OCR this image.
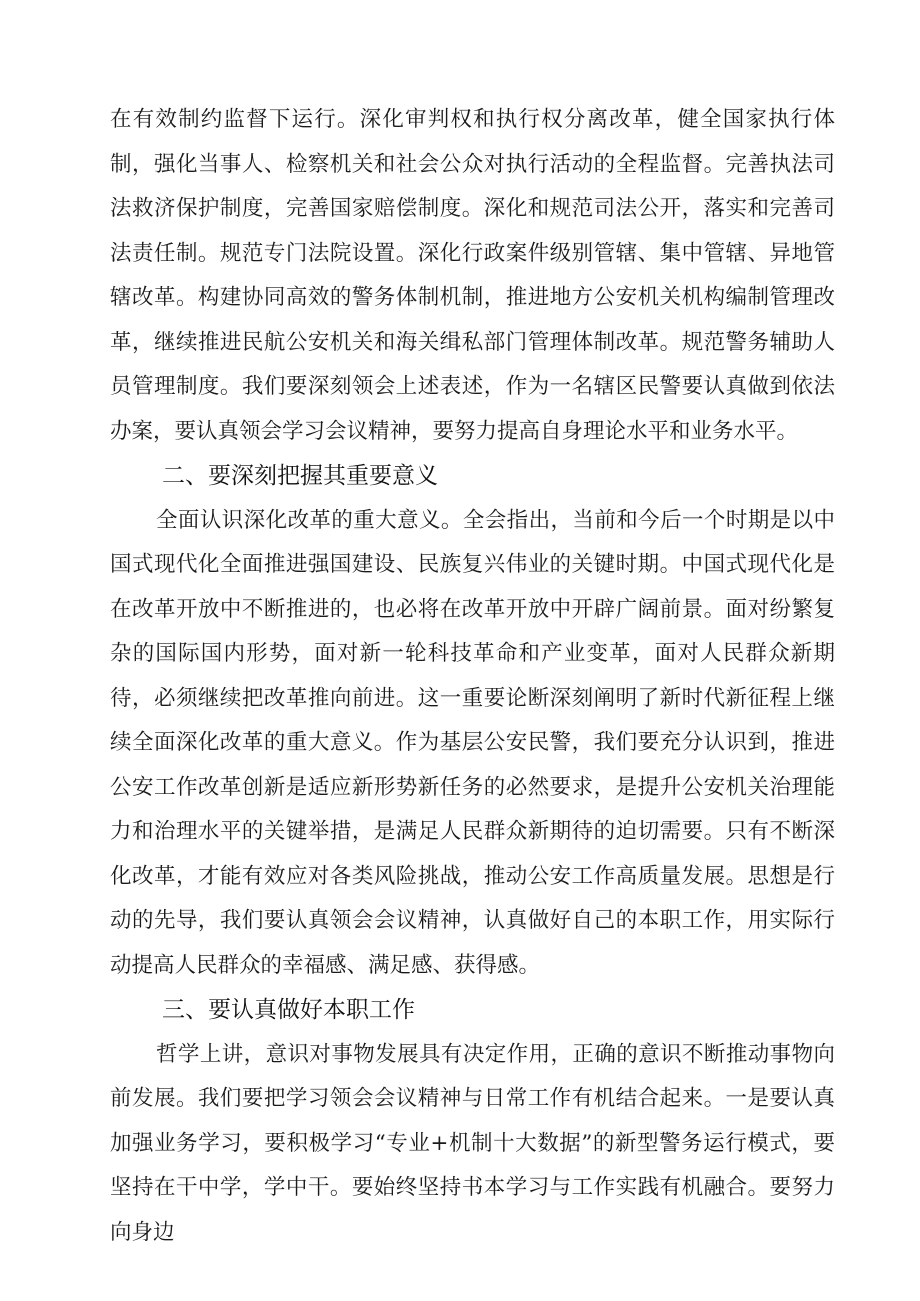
在有效制约监督下运行。深化审判权和执行权分离改革，健全国家执行体制，强化当事人、检察机关和社会公众对执行活动的全程监督。完善执法司法救济保护制度，完善国家赔偿制度。深化和规范司法公开，落实和完善司法责任制。规范专门法院设置。深化行政案件级别管辖、集中管辖、异地管辖改革。构建协同高效的警务体制机制，推进地方公安机关机构编制管理改革，继续推进民航公安机关和海关缉私部门管理体制改革。规范警务辅助人员管理制度。我们要深刻领会上述表述，作为一名辖区民警要认真做到依法办案，要认真领会学习会议精神，要努力提高自身理论水平和业务水平。

二、要深刻把握其重要意义

全面认识深化改革的重大意义。全会指出，当前和今后一个时期是以中国式现代化全面推进强国建设、民族复兴伟业的关键时期。中国式现代化是在改革开放中不断推进的，也必将在改革开放中开辟广阔前景。面对纷繁复杂的国际国内形势，面对新一轮科技革命和产业变革，面对人民群众新期待，必须继续把改革推向前进。这一重要论断深刻阐明了新时代新征程上继续全面深化改革的重大意义。作为基层公安民警，我们要充分认识到，推进公安工作改革创新是适应新形势新任务的必然要求，是提升公安机关治理能力和治理水平的关键举措，是满足人民群众新期待的迫切需要。只有不断深化改革，才能有效应对各类风险挑战，推动公安工作高质量发展。思想是行动的先导，我们要认真领会会议精神，认真做好自己的本职工作，用实际行动提高人民群众的幸福感、满足感、获得感。

三、要认真做好本职工作

哲学上讲，意识对事物发展具有决定作用，正确的意识不断推动事物向前发展。我们要把学习领会会议精神与日常工作有机结合起来。一是要认真加强业务学习，要积极学习“专业+机制十大数据”的新型警务运行模式，要坚持在干中学，学中干。要始终坚持书本学习与工作实践有机融合。要努力向身边
